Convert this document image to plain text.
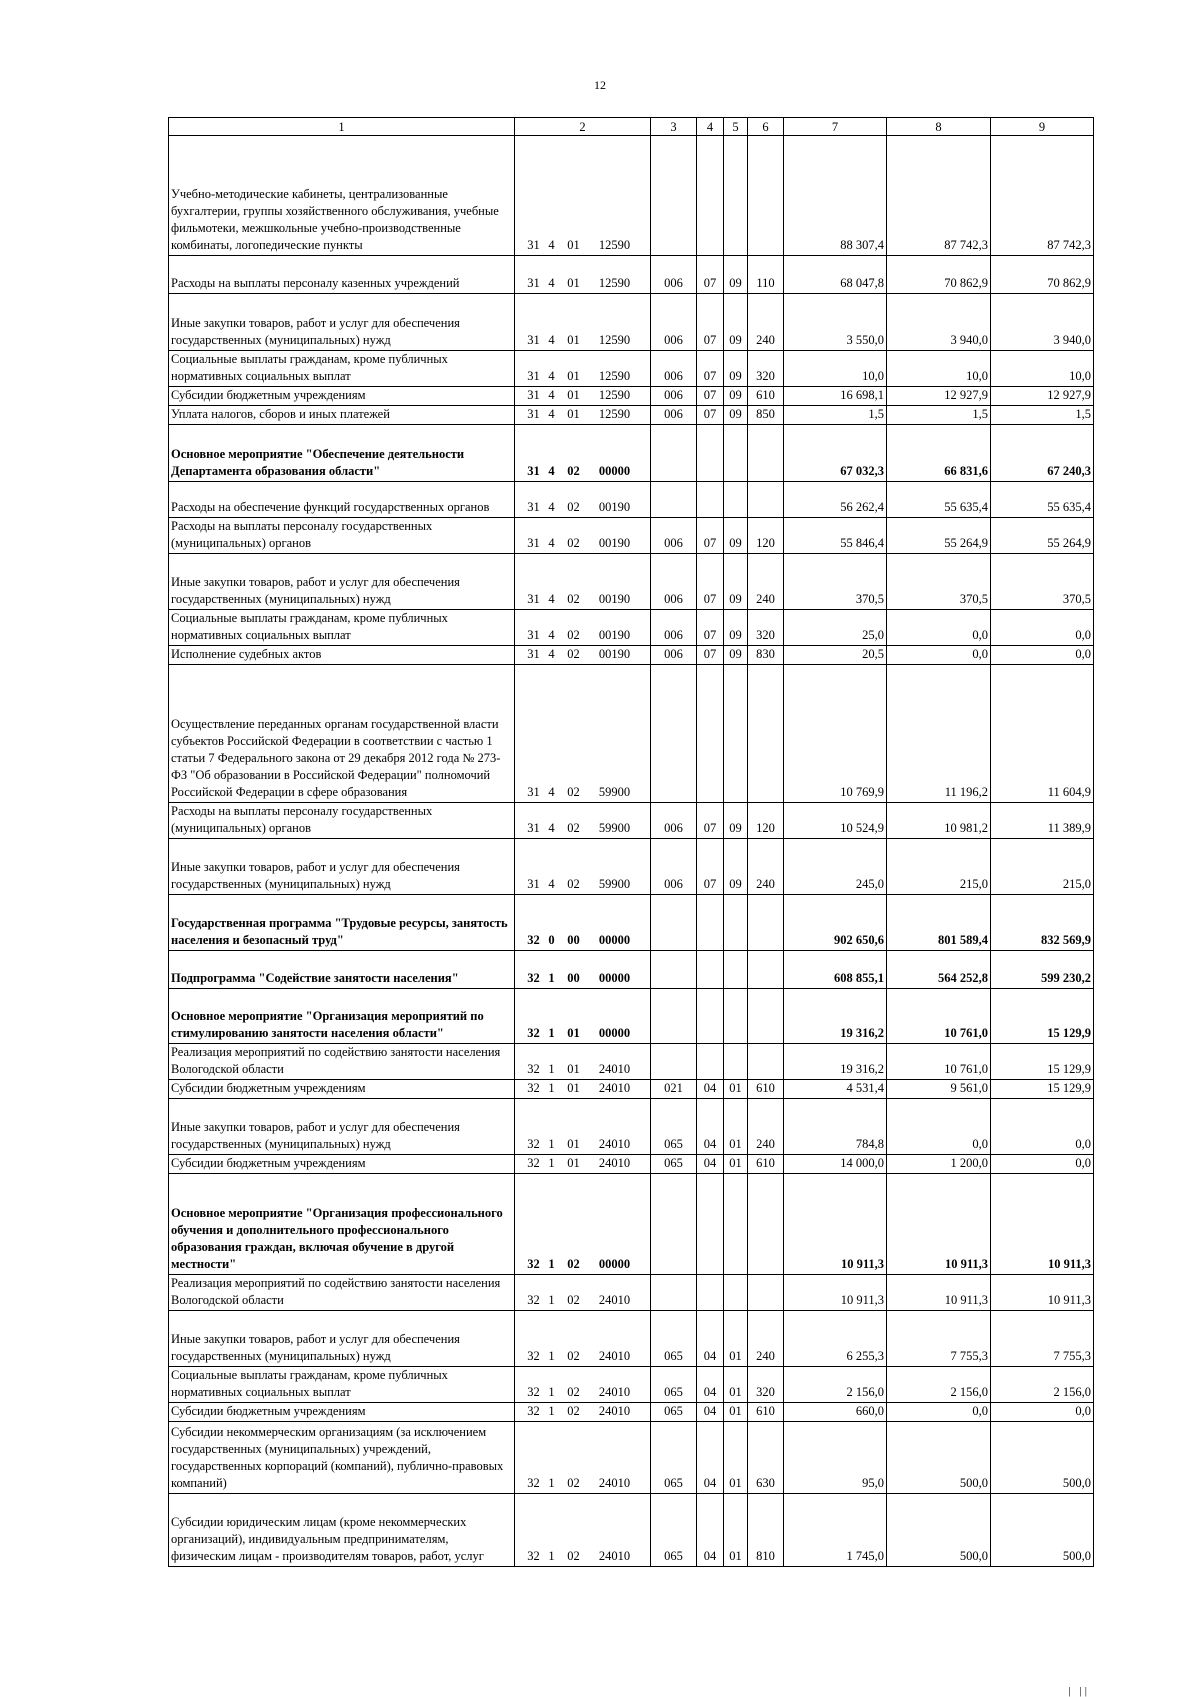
12
1	2	3	4	5	6	7	8	9
Учебно-методические кабинеты, централизованные бухгалтерии, группы хозяйственного обслуживания, учебные фильмотеки, межшкольные учебно-производственные комбинаты, логопедические пункты	31 4 01 12590					88 307,4	87 742,3	87 742,3
Расходы на выплаты персоналу казенных учреждений	31 4 01 12590	006	07	09	110	68 047,8	70 862,9	70 862,9
Иные закупки товаров, работ и услуг для обеспечения государственных (муниципальных) нужд	31 4 01 12590	006	07	09	240	3 550,0	3 940,0	3 940,0
Социальные выплаты гражданам, кроме публичных нормативных социальных выплат	31 4 01 12590	006	07	09	320	10,0	10,0	10,0
Субсидии бюджетным учреждениям	31 4 01 12590	006	07	09	610	16 698,1	12 927,9	12 927,9
Уплата налогов, сборов и иных платежей	31 4 01 12590	006	07	09	850	1,5	1,5	1,5
Основное мероприятие "Обеспечение деятельности Департамента образования области"	31 4 02 00000					67 032,3	66 831,6	67 240,3
Расходы на обеспечение функций государственных органов	31 4 02 00190					56 262,4	55 635,4	55 635,4
Расходы на выплаты персоналу государственных (муниципальных) органов	31 4 02 00190	006	07	09	120	55 846,4	55 264,9	55 264,9
Иные закупки товаров, работ и услуг для обеспечения государственных (муниципальных) нужд	31 4 02 00190	006	07	09	240	370,5	370,5	370,5
Социальные выплаты гражданам, кроме публичных нормативных социальных выплат	31 4 02 00190	006	07	09	320	25,0	0,0	0,0
Исполнение судебных актов	31 4 02 00190	006	07	09	830	20,5	0,0	0,0
Осуществление переданных органам государственной власти субъектов Российской Федерации в соответствии с частью 1 статьи 7 Федерального закона от 29 декабря 2012 года № 273-ФЗ "Об образовании в Российской Федерации" полномочий Российской Федерации в сфере образования	31 4 02 59900					10 769,9	11 196,2	11 604,9
Расходы на выплаты персоналу государственных (муниципальных) органов	31 4 02 59900	006	07	09	120	10 524,9	10 981,2	11 389,9
Иные закупки товаров, работ и услуг для обеспечения государственных (муниципальных) нужд	31 4 02 59900	006	07	09	240	245,0	215,0	215,0
Государственная программа "Трудовые ресурсы, занятость населения и безопасный труд"	32 0 00 00000					902 650,6	801 589,4	832 569,9
Подпрограмма "Содействие занятости населения"	32 1 00 00000					608 855,1	564 252,8	599 230,2
Основное мероприятие "Организация мероприятий по стимулированию занятости населения области"	32 1 01 00000					19 316,2	10 761,0	15 129,9
Реализация мероприятий по содействию занятости населения Вологодской области	32 1 01 24010					19 316,2	10 761,0	15 129,9
Субсидии бюджетным учреждениям	32 1 01 24010	021	04	01	610	4 531,4	9 561,0	15 129,9
Иные закупки товаров, работ и услуг для обеспечения государственных (муниципальных) нужд	32 1 01 24010	065	04	01	240	784,8	0,0	0,0
Субсидии бюджетным учреждениям	32 1 01 24010	065	04	01	610	14 000,0	1 200,0	0,0
Основное мероприятие "Организация профессионального обучения и дополнительного профессионального образования граждан, включая обучение в другой местности"	32 1 02 00000					10 911,3	10 911,3	10 911,3
Реализация мероприятий по содействию занятости населения Вологодской области	32 1 02 24010					10 911,3	10 911,3	10 911,3
Иные закупки товаров, работ и услуг для обеспечения государственных (муниципальных) нужд	32 1 02 24010	065	04	01	240	6 255,3	7 755,3	7 755,3
Социальные выплаты гражданам, кроме публичных нормативных социальных выплат	32 1 02 24010	065	04	01	320	2 156,0	2 156,0	2 156,0
Субсидии бюджетным учреждениям	32 1 02 24010	065	04	01	610	660,0	0,0	0,0
Субсидии некоммерческим организациям (за исключением государственных (муниципальных) учреждений, государственных корпораций (компаний), публично-правовых компаний)	32 1 02 24010	065	04	01	630	95,0	500,0	500,0
Субсидии юридическим лицам (кроме некоммерческих организаций), индивидуальным предпринимателям, физическим лицам - производителям товаров, работ, услуг	32 1 02 24010	065	04	01	810	1 745,0	500,0	500,0
| ||
